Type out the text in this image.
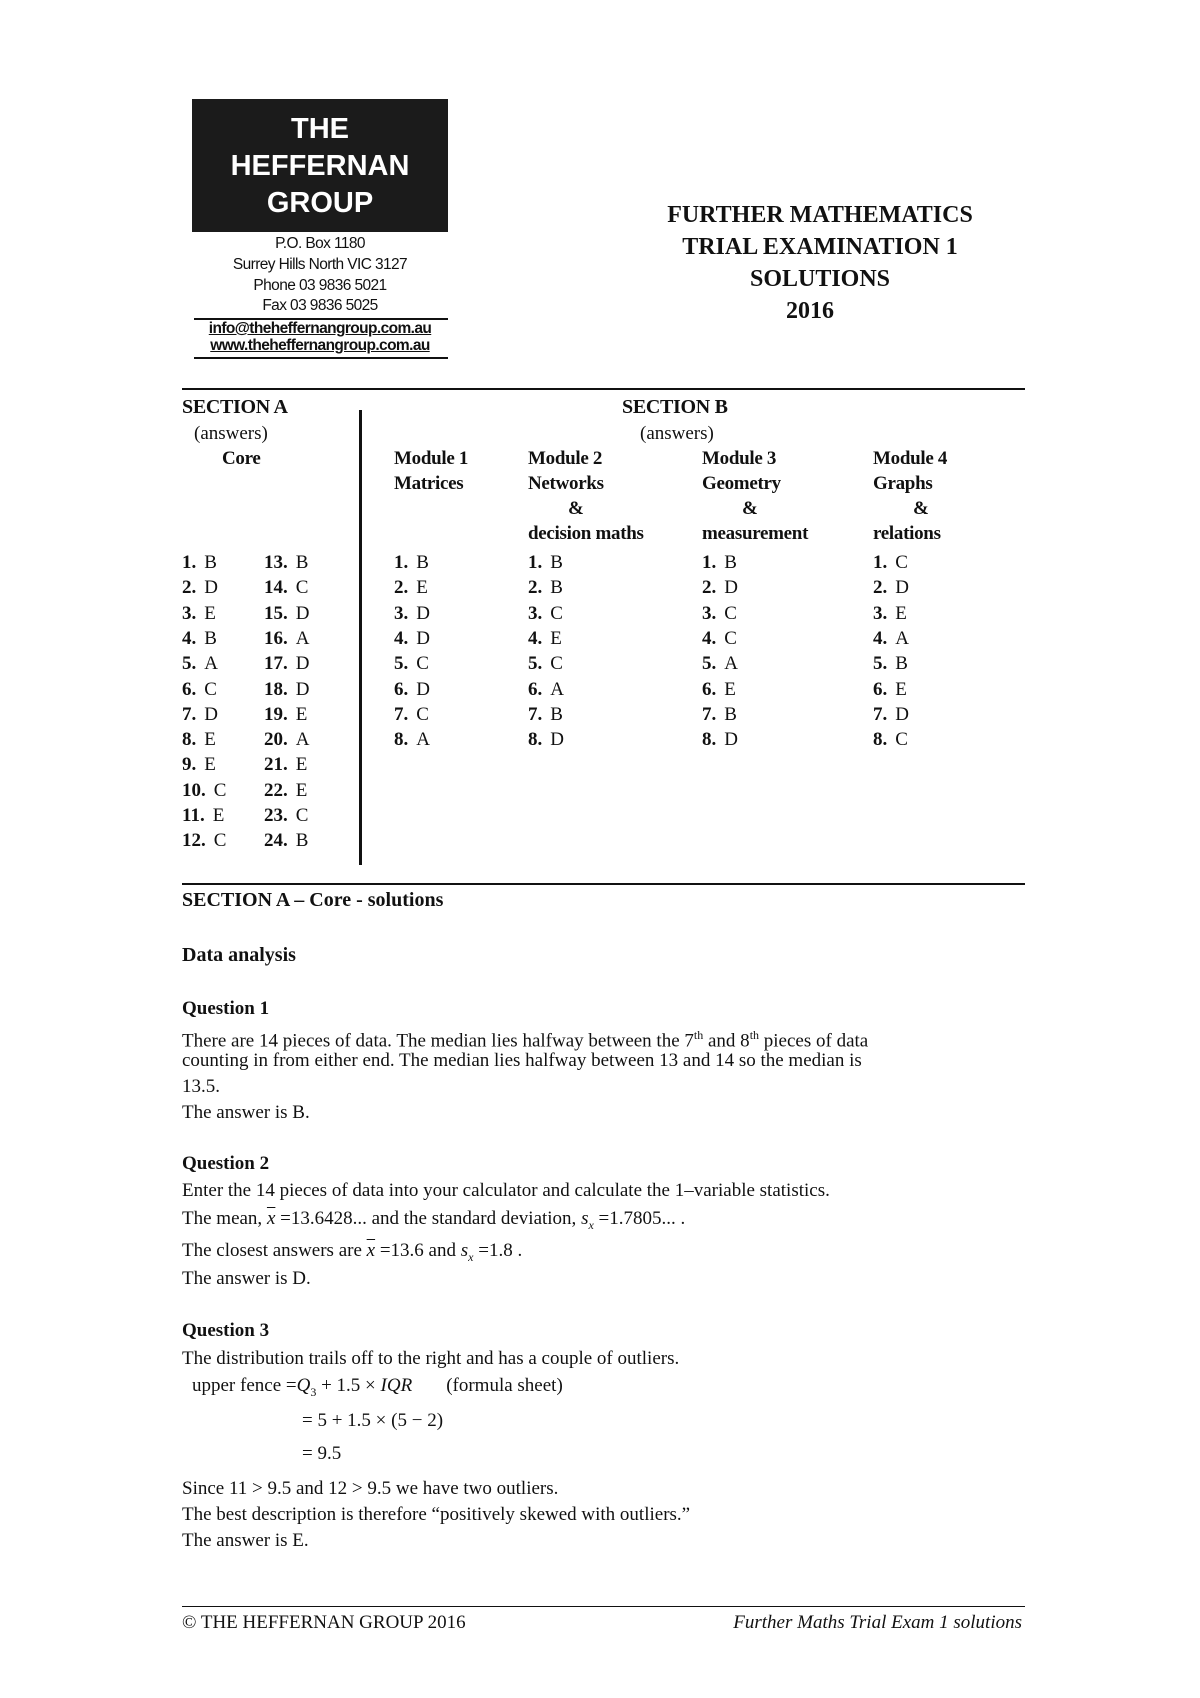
THE
HEFFERNAN
GROUP
P.O. Box 1180
Surrey Hills North VIC 3127
Phone 03 9836 5021
Fax 03 9836 5025
info@theheffernangroup.com.au
www.theheffernangroup.com.au
FURTHER MATHEMATICS
TRIAL EXAMINATION 1
SOLUTIONS
2016
SECTION A
(answers)
Core
SECTION B
(answers)
1. B
2. D
3. E
4. B
5. A
6. C
7. D
8. E
9. E
10. C
11. E
12. C
13. B
14. C
15. D
16. A
17. D
18. D
19. E
20. A
21. E
22. E
23. C
24. B
Module 1
Matrices
1. B
2. E
3. D
4. D
5. C
6. D
7. C
8. A
Module 2
Networks
&
decision maths
1. B
2. B
3. C
4. E
5. C
6. A
7. B
8. D
Module 3
Geometry
&
measurement
1. B
2. D
3. C
4. C
5. A
6. E
7. B
8. D
Module 4
Graphs
&
relations
1. C
2. D
3. E
4. A
5. B
6. E
7. D
8. C
SECTION A – Core - solutions
Data analysis
Question 1
There are 14 pieces of data. The median lies halfway between the 7th and 8th pieces of data
counting in from either end. The median lies halfway between 13 and 14 so the median is
13.5.
The answer is B.
Question 2
Enter the 14 pieces of data into your calculator and calculate the 1–variable statistics.
The mean, $\overline{x} =13.6428$... and the standard deviation, $s_x =1.7805$... .
The closest answers are $\overline{x} =13.6$ and $s_x =1.8$ .
The answer is D.
Question 3
The distribution trails off to the right and has a couple of outliers.
upper fence $=Q_3 + 1.5$ × IQR (formula sheet)
= 5 + 1.5 × (5 − 2)
= 9.5
Since 11 > 9.5 and 12 > 9.5 we have two outliers.
The best description is therefore “positively skewed with outliers.”
The answer is E.
© THE HEFFERNAN GROUP 2016	Further Maths Trial Exam 1 solutions
